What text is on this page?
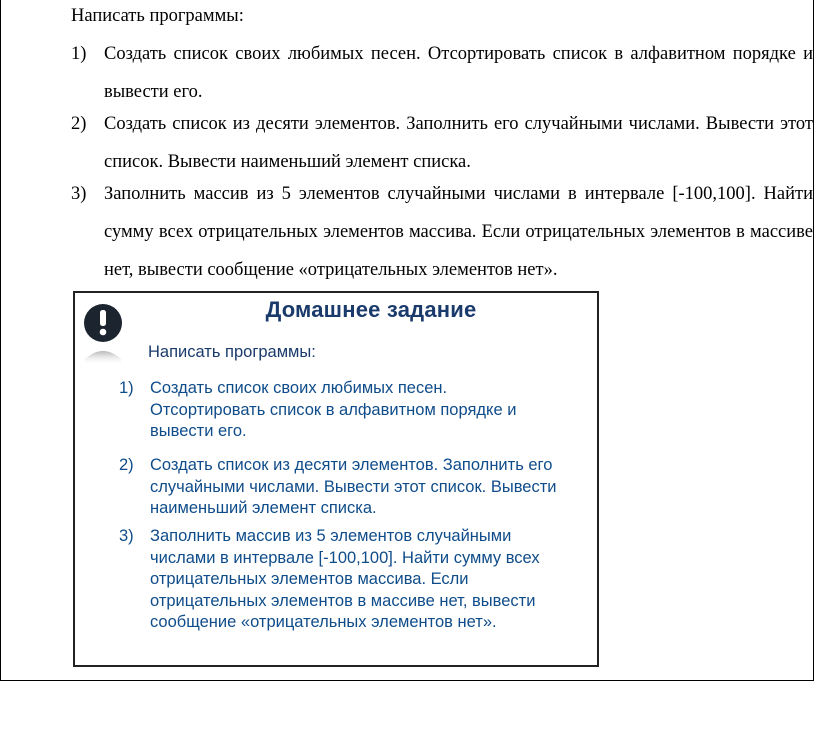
Написать программы:
1) Создать список своих любимых песен. Отсортировать список в алфавитном порядке и вывести его.
2) Создать список из десяти элементов. Заполнить его случайными числами. Вывести этот список. Вывести наименьший элемент списка.
3) Заполнить массив из 5 элементов случайными числами в интервале [-100,100]. Найти сумму всех отрицательных элементов массива. Если отрицательных элементов в массиве нет, вывести сообщение «отрицательных элементов нет».
Домашнее задание
Написать программы:
1) Создать список своих любимых песен.
Отсортировать список в алфавитном порядке и
вывести его.
2) Создать список из десяти элементов. Заполнить его
случайными числами. Вывести этот список. Вывести
наименьший элемент списка.
3) Заполнить массив из 5 элементов случайными
числами в интервале [-100,100]. Найти сумму всех
отрицательных элементов массива. Если
отрицательных элементов в массиве нет, вывести
сообщение «отрицательных элементов нет».
